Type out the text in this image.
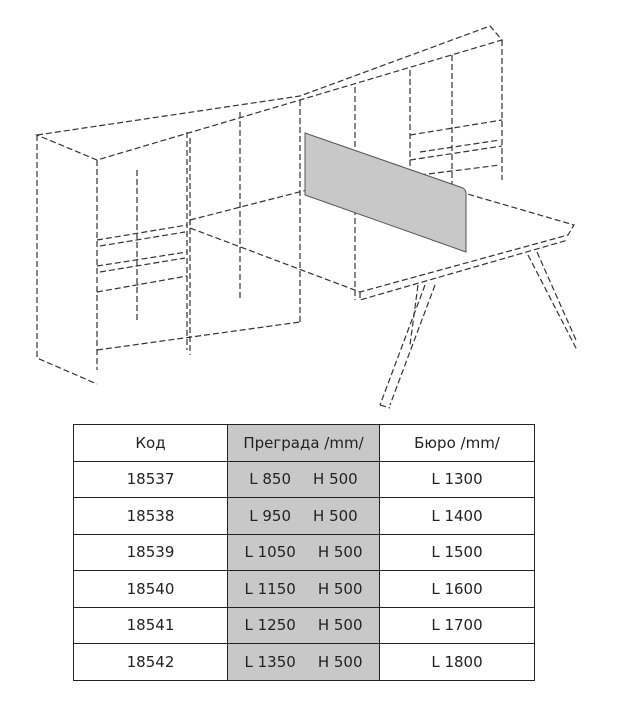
Код	Преграда /mm/	Бюро /mm/
18537	L 850 H 500	L 1300
18538	L 950 H 500	L 1400
18539	L 1050 H 500	L 1500
18540	L 1150 H 500	L 1600
18541	L 1250 H 500	L 1700
18542	L 1350 H 500	L 1800
